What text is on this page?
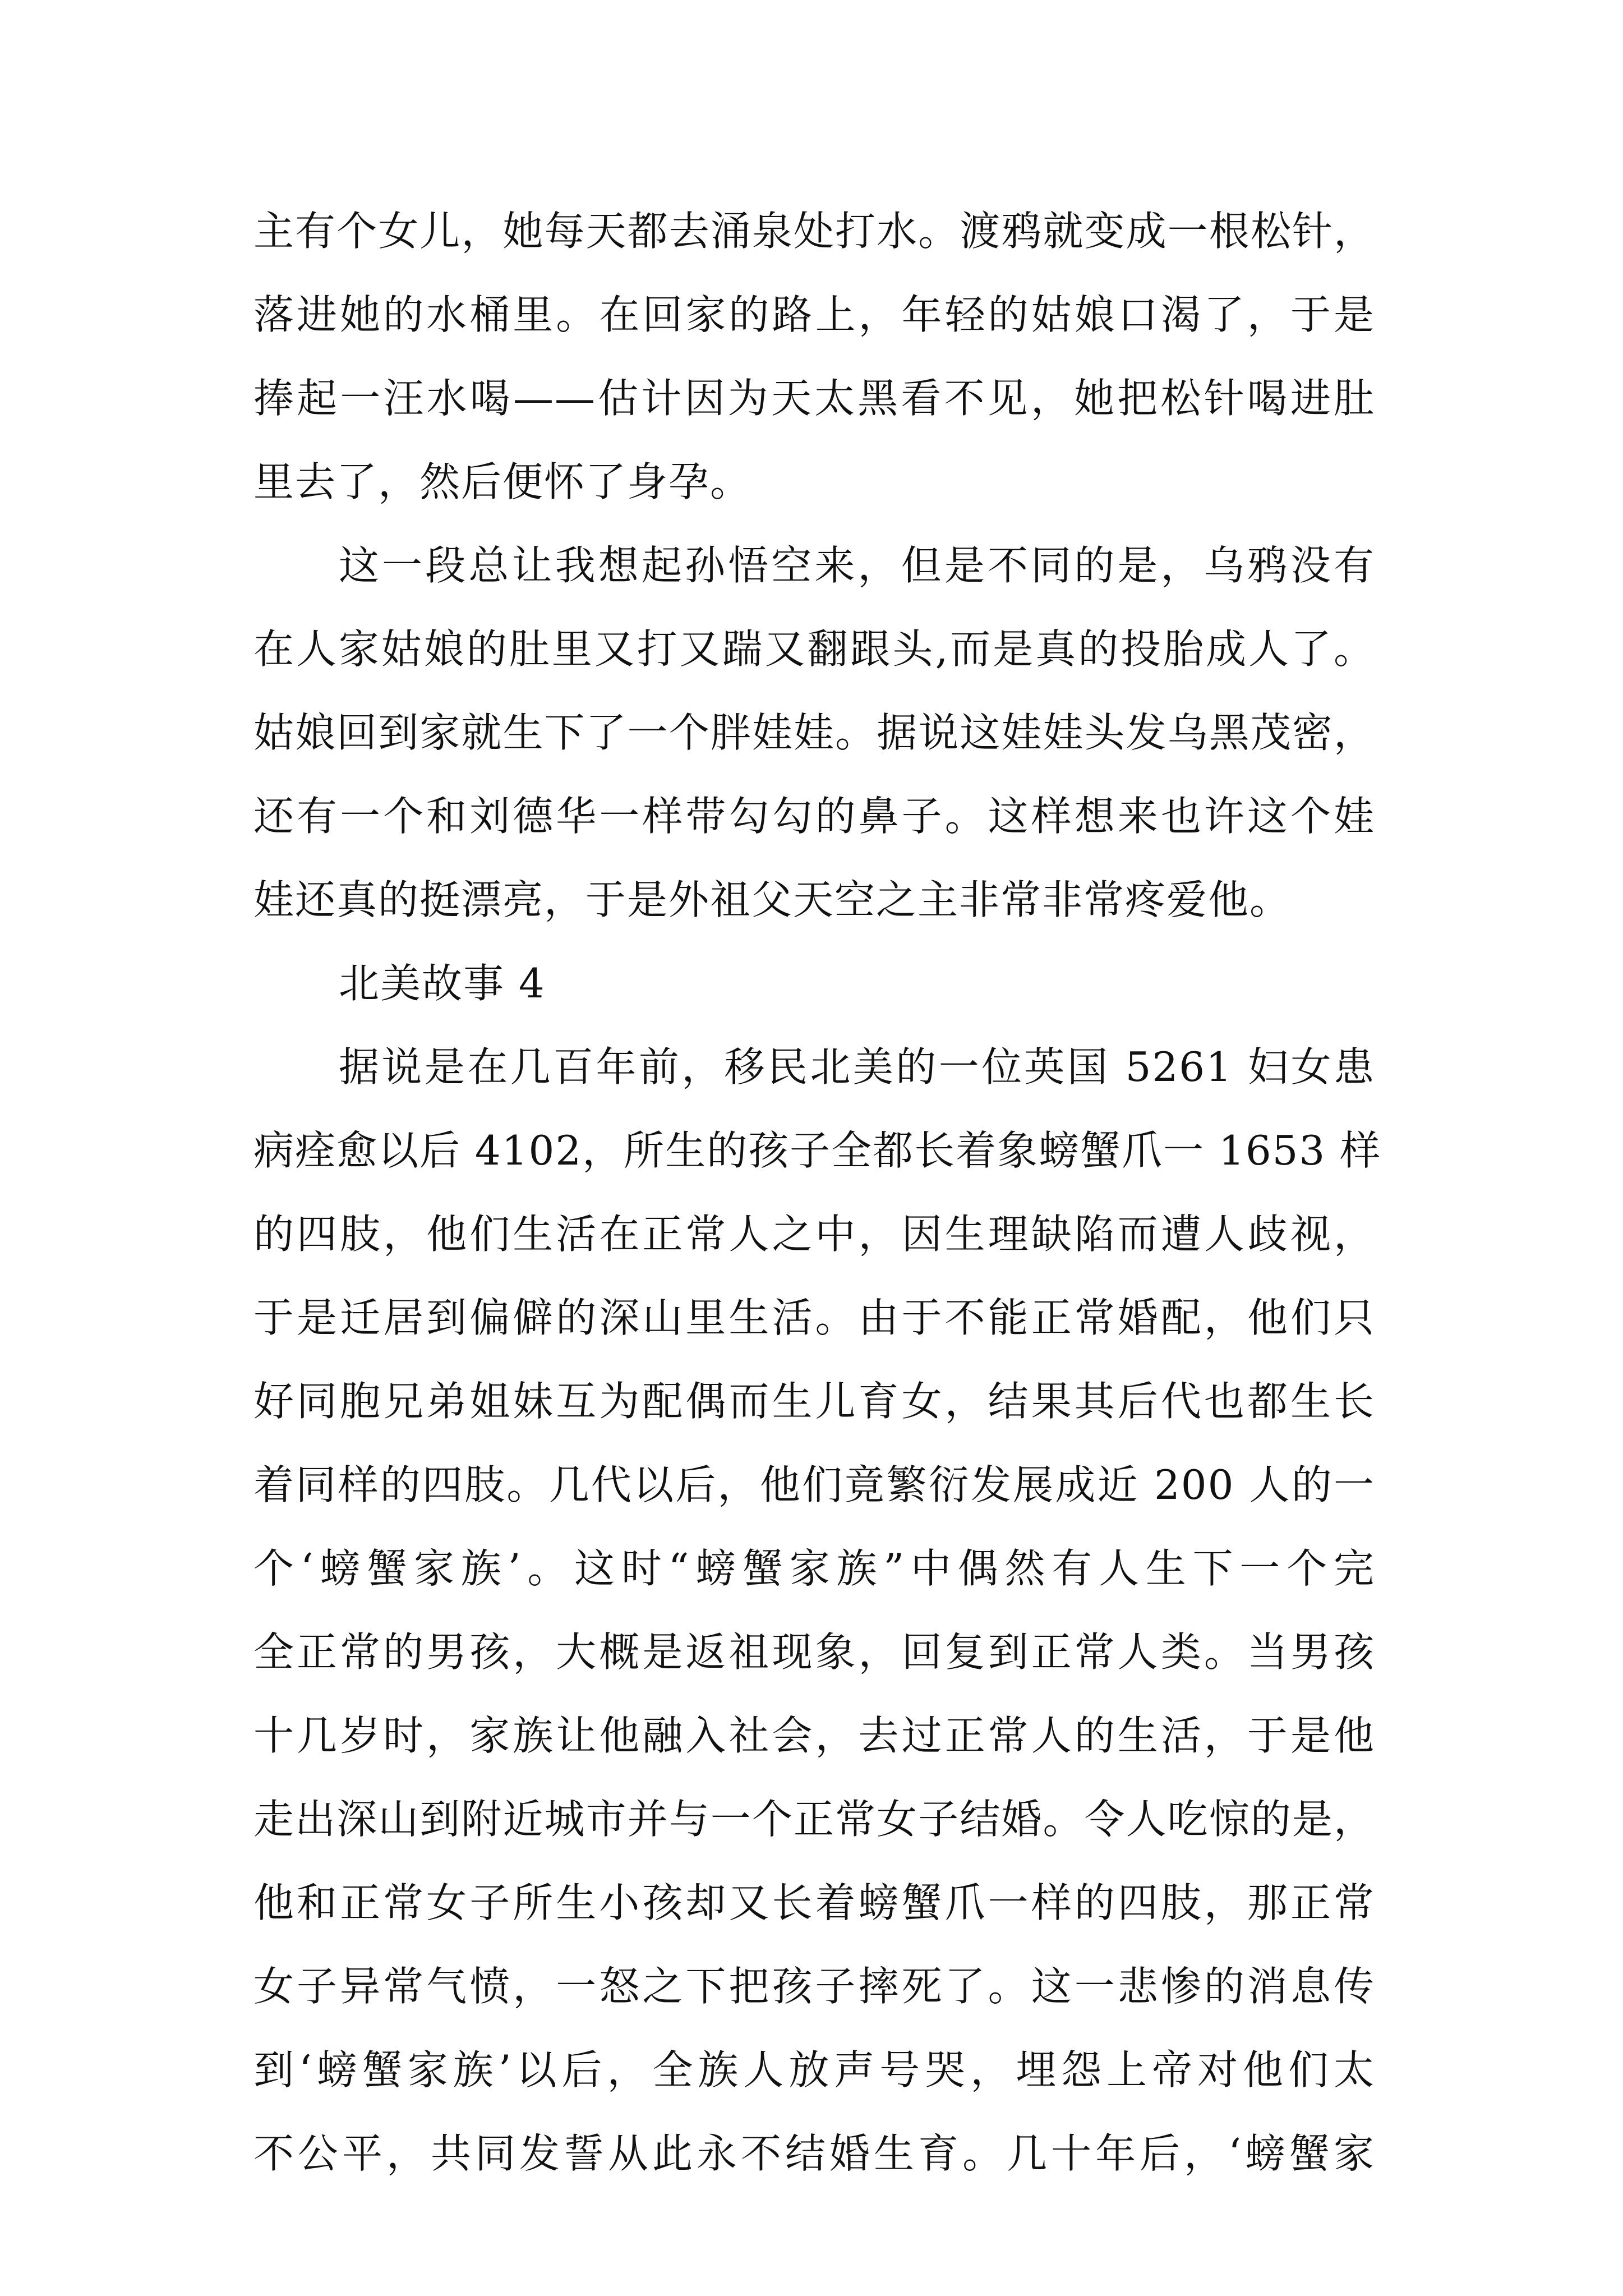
主有个女儿，她每天都去涌泉处打水。渡鸦就变成一根松针，
落进她的水桶里。在回家的路上，年轻的姑娘口渴了，于是
捧起一汪水喝——估计因为天太黑看不见，她把松针喝进肚
里去了，然后便怀了身孕。
这一段总让我想起孙悟空来，但是不同的是，乌鸦没有
在人家姑娘的肚里又打又踹又翻跟头,而是真的投胎成人了。
姑娘回到家就生下了一个胖娃娃。据说这娃娃头发乌黑茂密，
还有一个和刘德华一样带勾勾的鼻子。这样想来也许这个娃
娃还真的挺漂亮，于是外祖父天空之主非常非常疼爱他。
北美故事 4
据说是在几百年前，移民北美的一位英国 5261 妇女患
病痊愈以后 4102，所生的孩子全都长着象螃蟹爪一 1653 样
的四肢，他们生活在正常人之中，因生理缺陷而遭人歧视，
于是迁居到偏僻的深山里生活。由于不能正常婚配，他们只
好同胞兄弟姐妹互为配偶而生儿育女，结果其后代也都生长
着同样的四肢。几代以后，他们竟繁衍发展成近 200 人的一
个‘螃蟹家族’。这时“螃蟹家族”中偶然有人生下一个完
全正常的男孩，大概是返祖现象，回复到正常人类。当男孩
十几岁时，家族让他融入社会，去过正常人的生活，于是他
走出深山到附近城市并与一个正常女子结婚。令人吃惊的是，
他和正常女子所生小孩却又长着螃蟹爪一样的四肢，那正常
女子异常气愤，一怒之下把孩子摔死了。这一悲惨的消息传
到‘螃蟹家族’以后，全族人放声号哭，埋怨上帝对他们太
不公平，共同发誓从此永不结婚生育。几十年后，‘螃蟹家
